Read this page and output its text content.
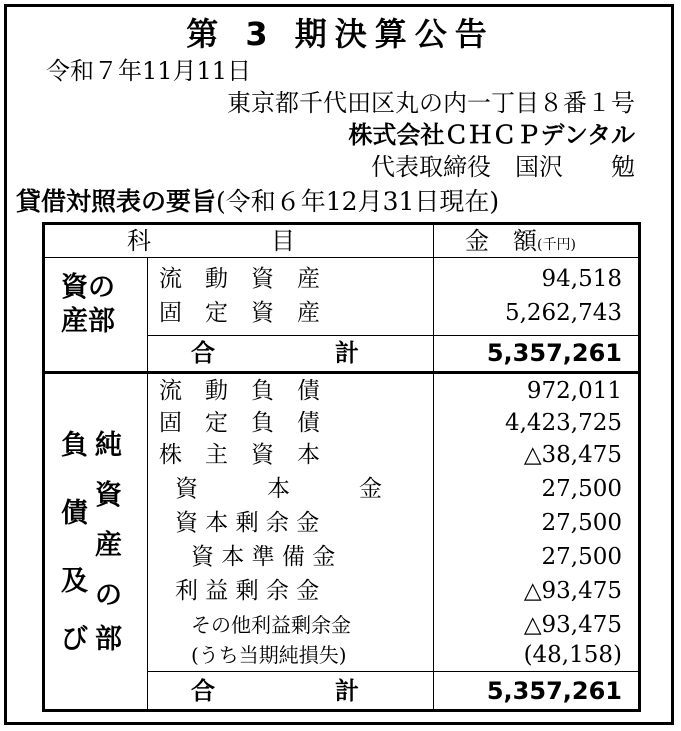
第 3 期決算公告
令和７年11月11日
東京都千代田区丸の内一丁目８番１号
株式会社ＣＨＣＰデンタル
代表取締役　国沢　　勉
貸借対照表の要旨(令和６年12月31日現在)
科　　　　　目	金　額(千円)
資の
産部
流　動　資　産	94,518
固　定　資　産	5,262,743
合　　　　　計	5,357,261
負
債
及
び
純
資
産
の
部
流　動　負　債	972,011
固　定　負　債	4,423,725
株　主　資　本	△38,475
資　　　本　　　金	27,500
資 本 剰 余 金	27,500
資 本 準 備 金	27,500
利 益 剰 余 金	△93,475
その他利益剰余金	△93,475
(うち当期純損失)	(48,158)
合　　　　　計	5,357,261
